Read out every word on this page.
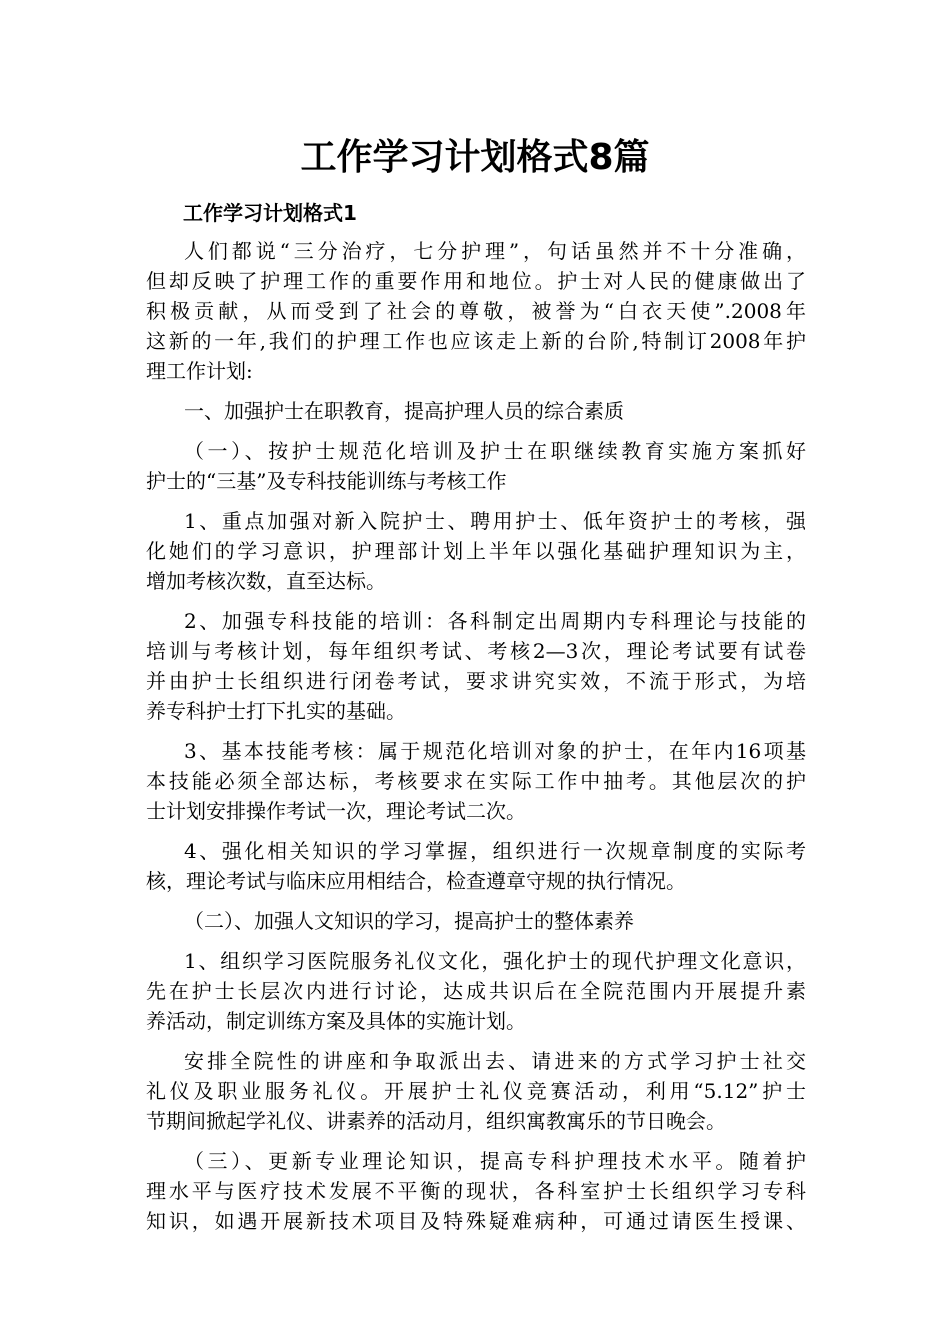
工作学习计划格式8篇
工作学习计划格式1

人们都说“三分治疗，七分护理”，句话虽然并不十分准确，

但却反映了护理工作的重要作用和地位。护士对人民的健康做出了

积极贡献，从而受到了社会的尊敬，被誉为“白衣天使”.2008年

这新的一年,我们的护理工作也应该走上新的台阶,特制订2008年护

理工作计划:

一、加强护士在职教育，提高护理人员的综合素质

（一）、按护士规范化培训及护士在职继续教育实施方案抓好

护士的“三基”及专科技能训练与考核工作

1、重点加强对新入院护士、聘用护士、低年资护士的考核，强

化她们的学习意识，护理部计划上半年以强化基础护理知识为主，

增加考核次数，直至达标。

2、加强专科技能的培训：各科制定出周期内专科理论与技能的

培训与考核计划，每年组织考试、考核2—3次，理论考试要有试卷

并由护士长组织进行闭卷考试，要求讲究实效，不流于形式，为培

养专科护士打下扎实的基础。

3、基本技能考核：属于规范化培训对象的护士，在年内16项基

本技能必须全部达标，考核要求在实际工作中抽考。其他层次的护

士计划安排操作考试一次，理论考试二次。

4、强化相关知识的学习掌握，组织进行一次规章制度的实际考

核，理论考试与临床应用相结合，检查遵章守规的执行情况。

（二）、加强人文知识的学习，提高护士的整体素养

1、组织学习医院服务礼仪文化，强化护士的现代护理文化意识，

先在护士长层次内进行讨论，达成共识后在全院范围内开展提升素

养活动，制定训练方案及具体的实施计划。

安排全院性的讲座和争取派出去、请进来的方式学习护士社交

礼仪及职业服务礼仪。开展护士礼仪竞赛活动，利用“5.12”护士

节期间掀起学礼仪、讲素养的活动月，组织寓教寓乐的节日晚会。

（三）、更新专业理论知识，提高专科护理技术水平。随着护

理水平与医疗技术发展不平衡的现状，各科室护士长组织学习专科

知识，如遇开展新技术项目及特殊疑难病种，可通过请医生授课、
